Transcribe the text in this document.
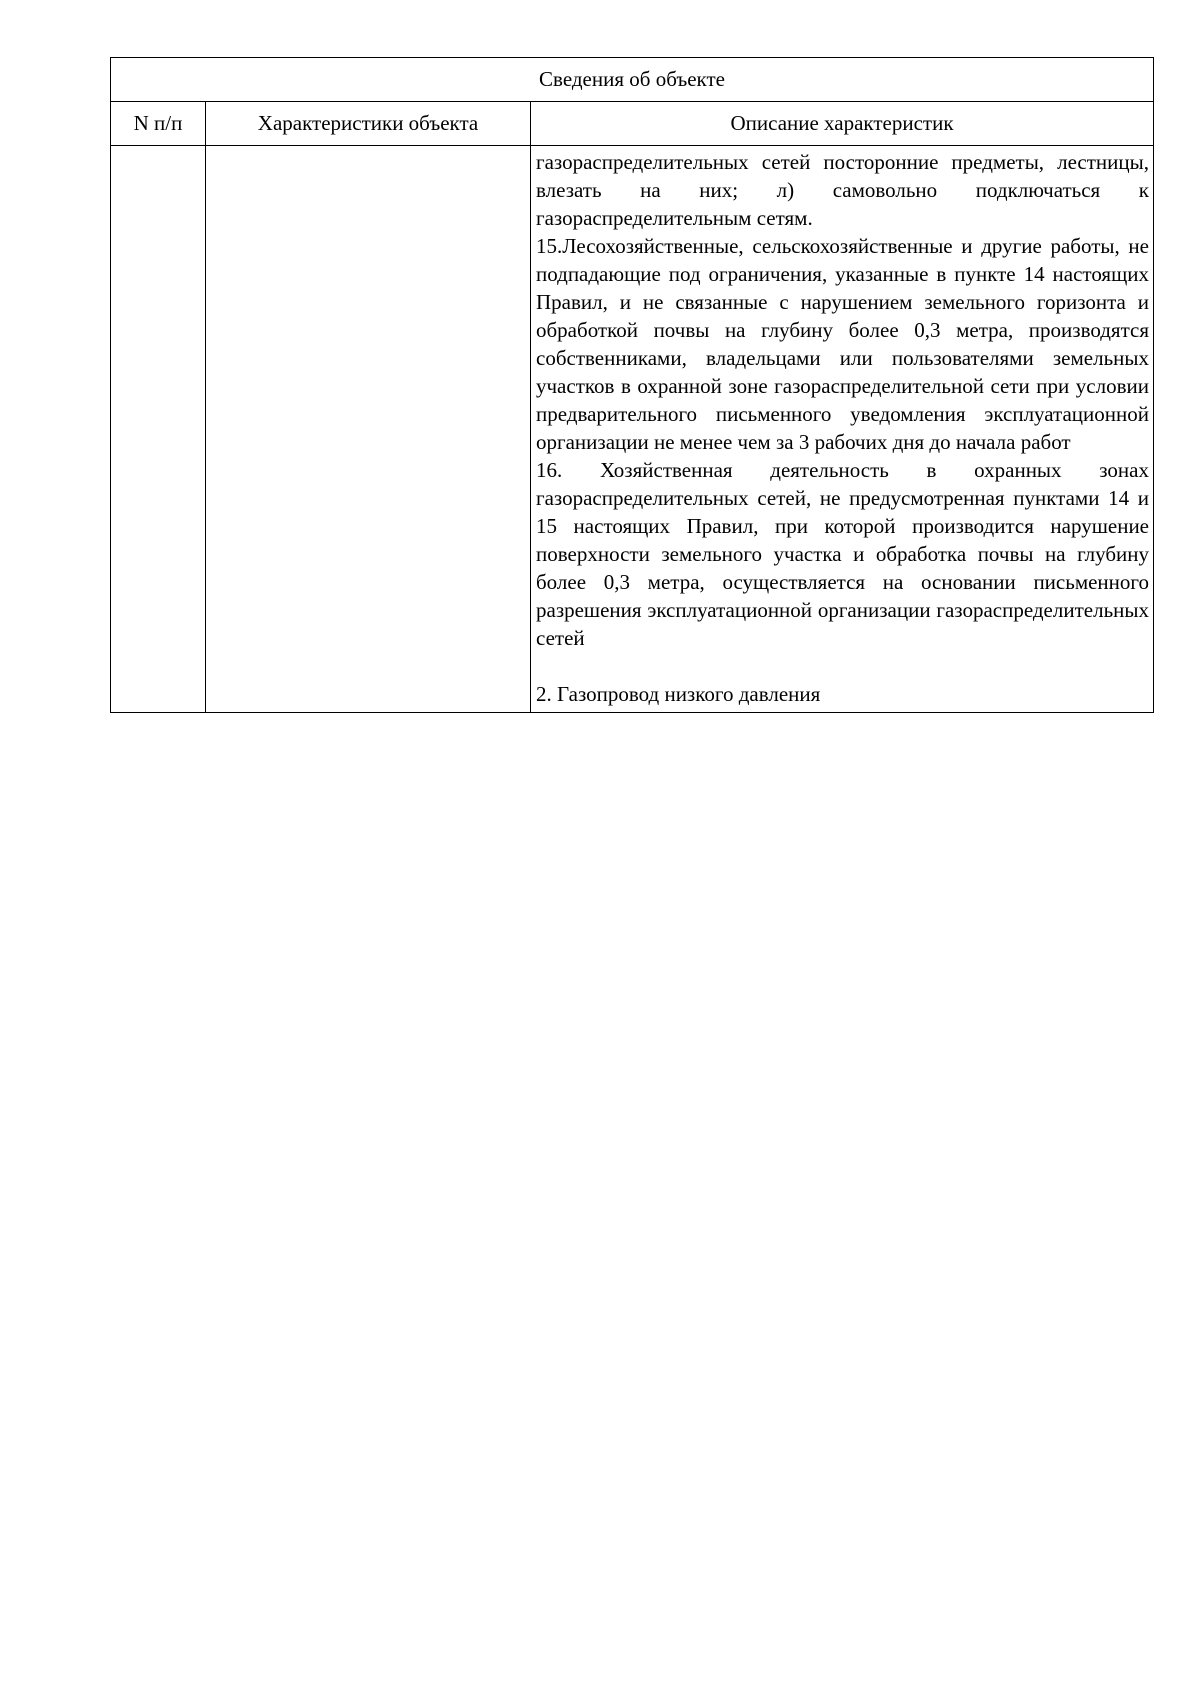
Сведения об объекте		
N п/п	Характеристики объекта	Описание характеристик

		газораспределительных сетей посторонние предметы, лестницы, влезать на них; л) самовольно подключаться к газораспределительным сетям.
15.Лесохозяйственные, сельскохозяйственные и другие работы, не подпадающие под ограничения, указанные в пункте 14 настоящих Правил, и не связанные с нарушением земельного горизонта и обработкой почвы на глубину более 0,3 метра, производятся собственниками, владельцами или пользователями земельных участков в охранной зоне газораспределительной сети при условии предварительного письменного уведомления эксплуатационной организации не менее чем за 3 рабочих дня до начала работ
16. Хозяйственная деятельность в охранных зонах газораспределительных сетей, не предусмотренная пунктами 14 и 15 настоящих Правил, при которой производится нарушение поверхности земельного участка и обработка почвы на глубину более 0,3 метра, осуществляется на основании письменного разрешения эксплуатационной организации газораспределительных сетей
2. Газопровод низкого давления
